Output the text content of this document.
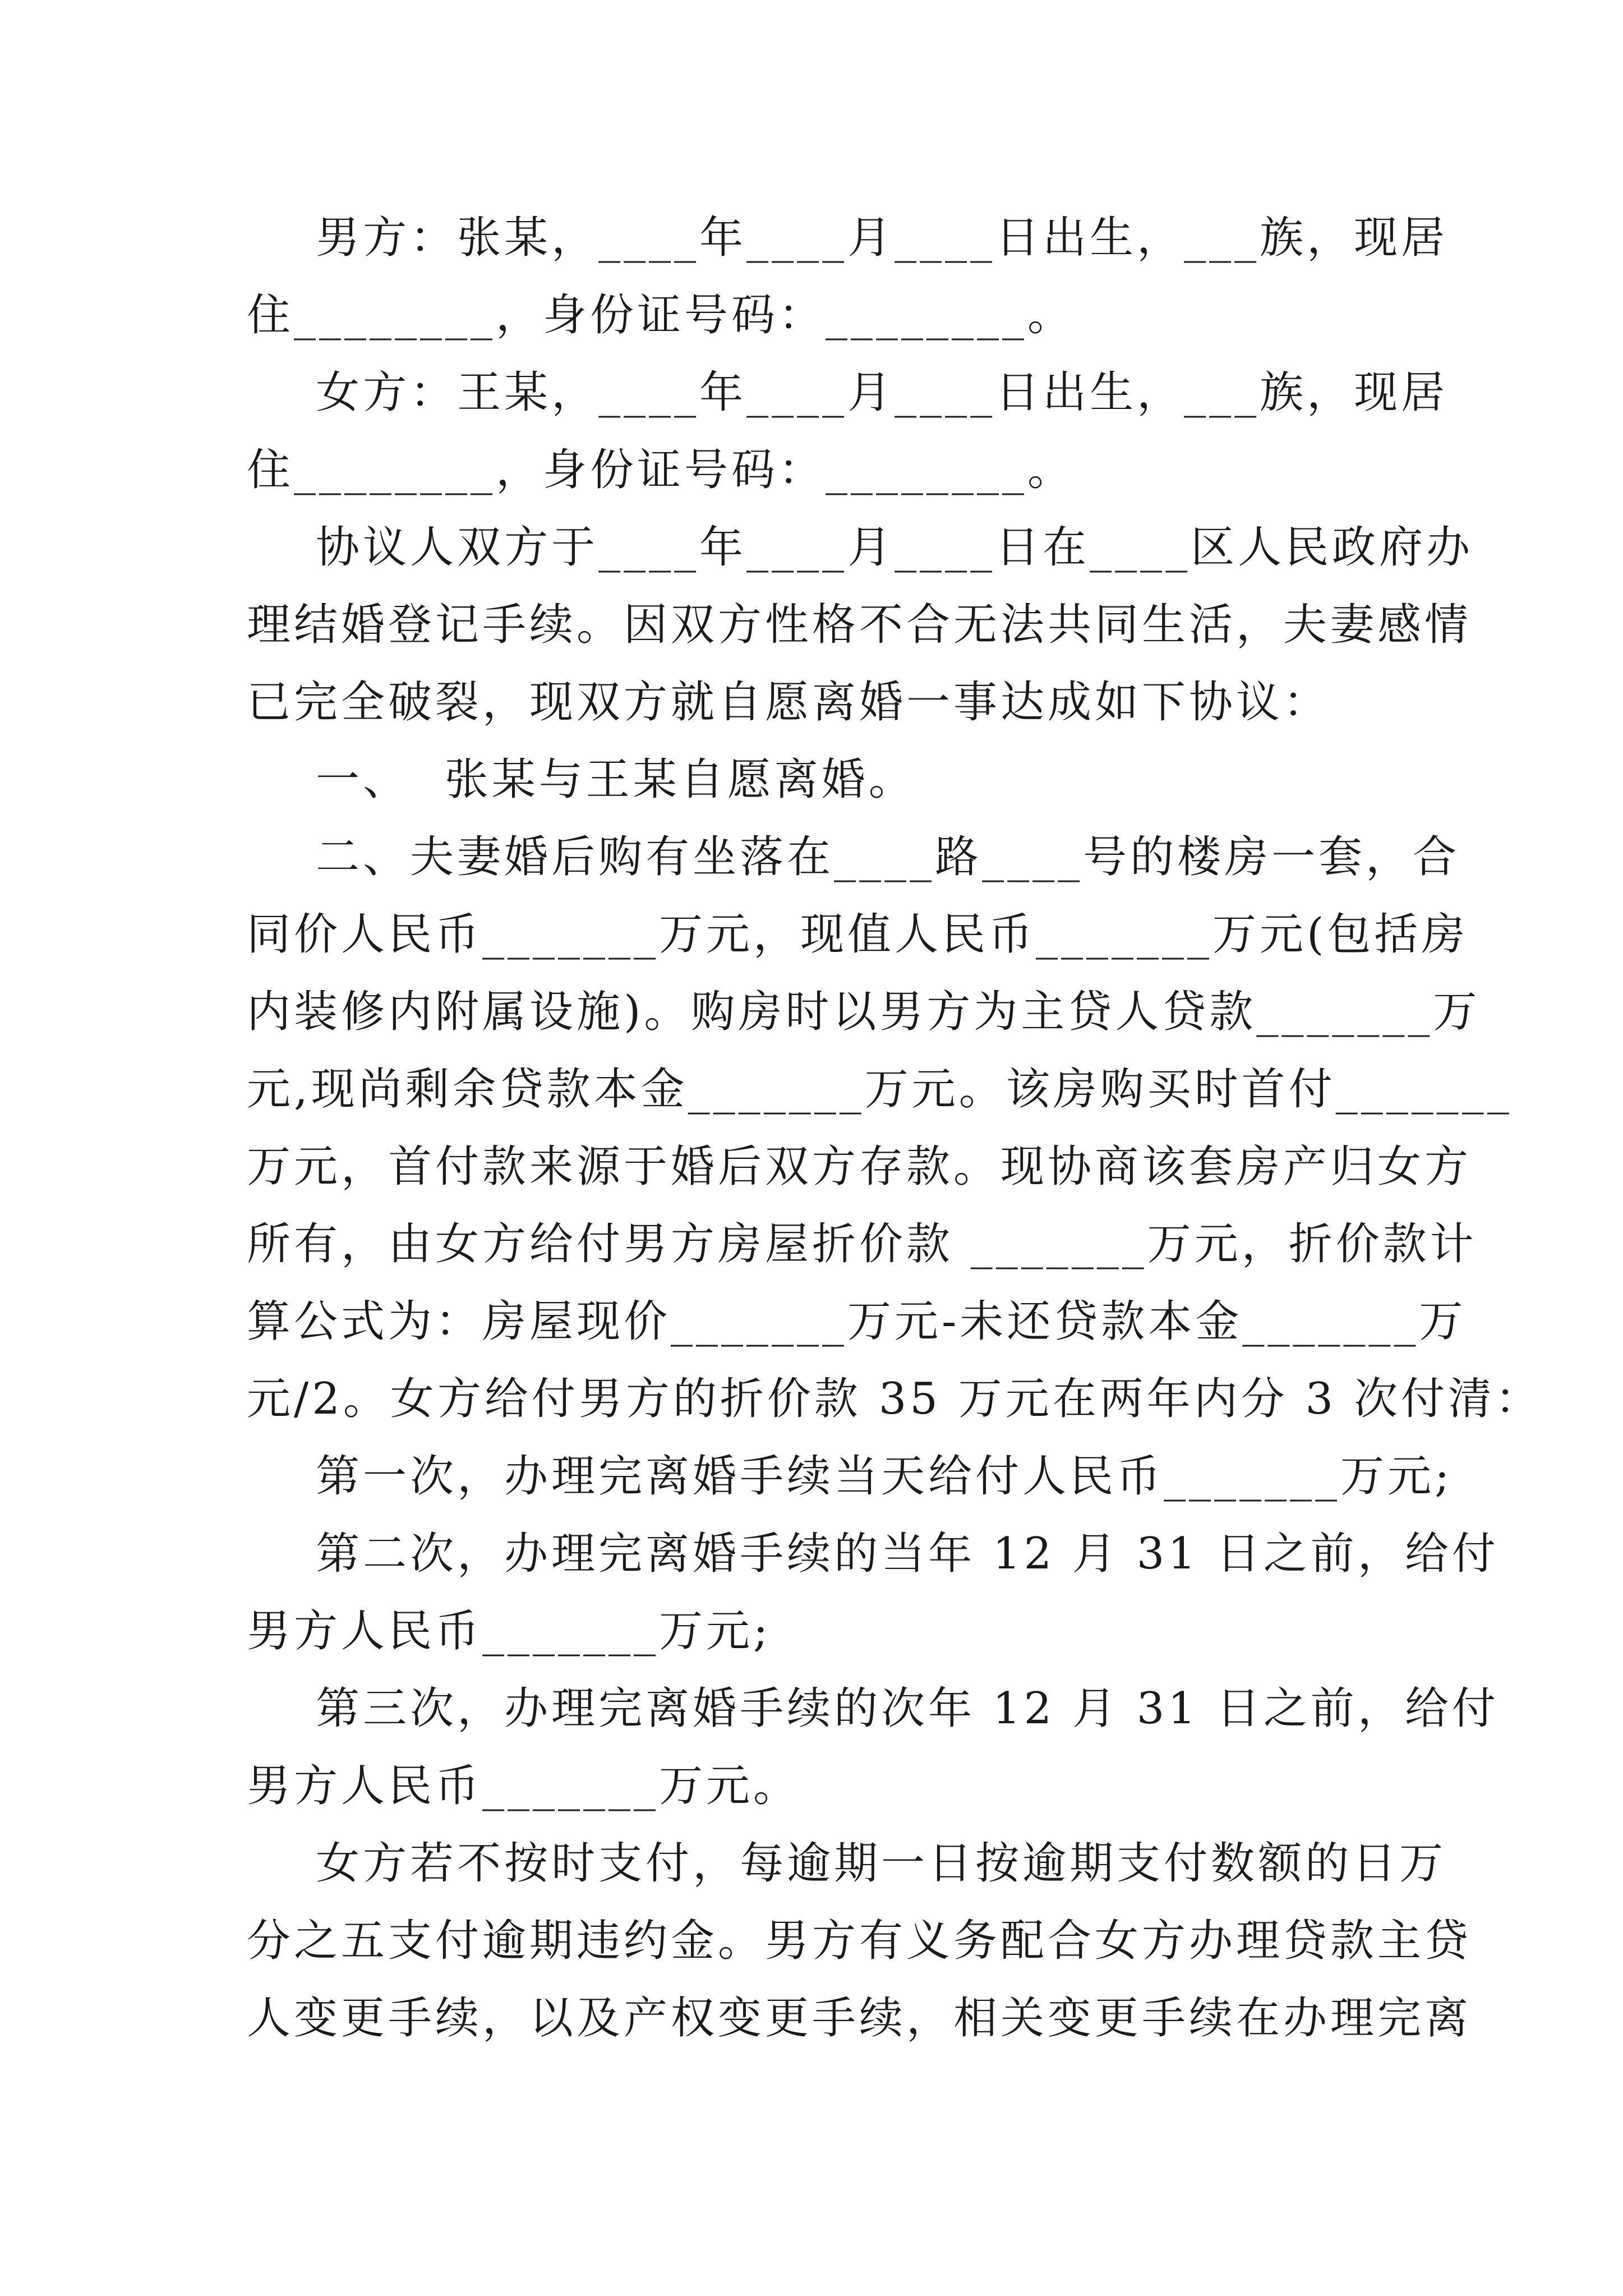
男方：张某，____年____月____日出生，___族，现居
住________，身份证号码：________。
女方：王某，____年____月____日出生，___族，现居
住________，身份证号码：________。
协议人双方于____年____月____日在____区人民政府办
理结婚登记手续。因双方性格不合无法共同生活，夫妻感情
已完全破裂，现双方就自愿离婚一事达成如下协议：
一、  张某与王某自愿离婚。
二、夫妻婚后购有坐落在____路____号的楼房一套，合
同价人民币_______万元，现值人民币_______万元(包括房
内装修内附属设施)。购房时以男方为主贷人贷款_______万
元,现尚剩余贷款本金_______万元。该房购买时首付_______
万元，首付款来源于婚后双方存款。现协商该套房产归女方
所有，由女方给付男方房屋折价款 _______万元，折价款计
算公式为：房屋现价_______万元-未还贷款本金_______万
元/2。女方给付男方的折价款 35 万元在两年内分 3 次付清：
第一次，办理完离婚手续当天给付人民币_______万元;
第二次，办理完离婚手续的当年 12 月 31 日之前，给付
男方人民币_______万元;
第三次，办理完离婚手续的次年 12 月 31 日之前，给付
男方人民币_______万元。
女方若不按时支付，每逾期一日按逾期支付数额的日万
分之五支付逾期违约金。男方有义务配合女方办理贷款主贷
人变更手续，以及产权变更手续，相关变更手续在办理完离
